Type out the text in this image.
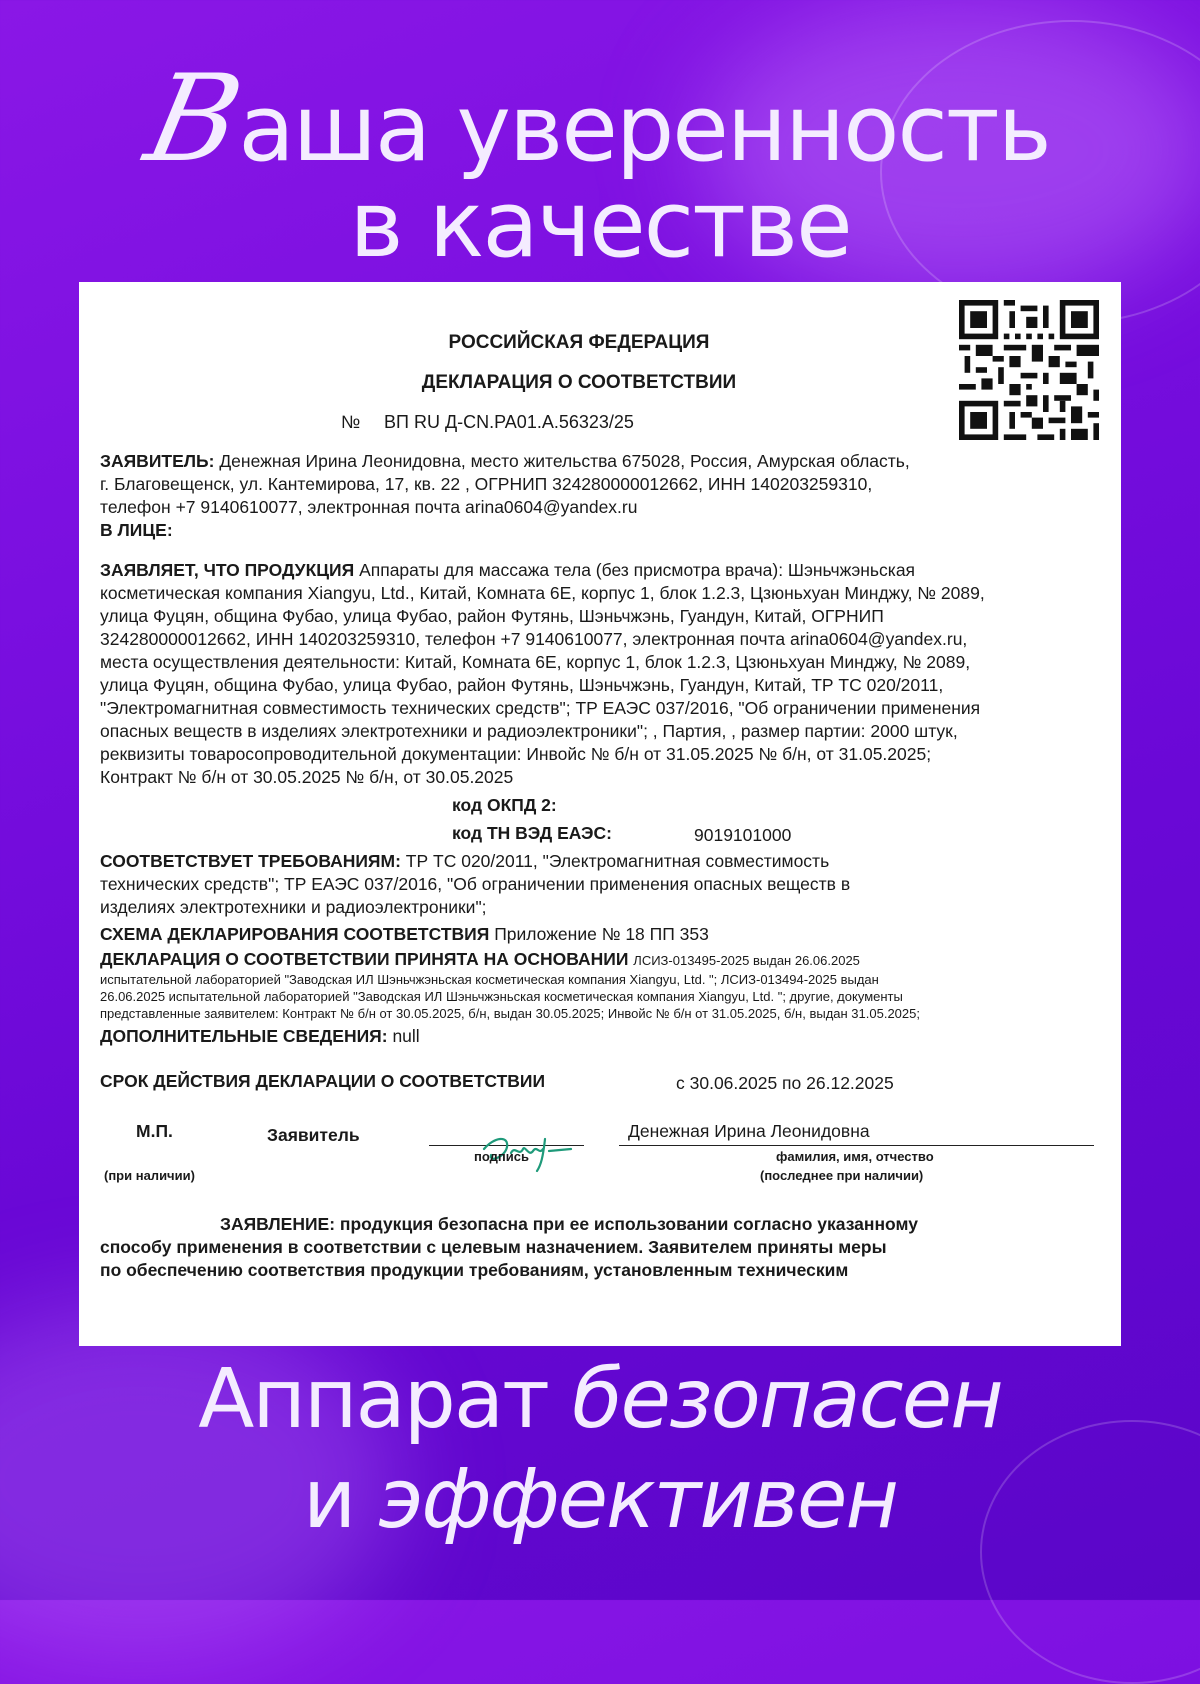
Bаша уверенность
в качестве
РОССИЙСКАЯ ФЕДЕРАЦИЯ
ДЕКЛАРАЦИЯ О СООТВЕТСТВИИ

№ ВП RU Д-CN.PA01.A.56323/25

ЗАЯВИТЕЛЬ: Денежная Ирина Леонидовна, место жительства 675028, Россия, Амурская область,

г. Благовещенск, ул. Кантемирова, 17, кв. 22 , ОГРНИП 324280000012662, ИНН 140203259310,

телефон +7 9140610077, электронная почта arina0604@yandex.ru

В ЛИЦЕ:

ЗАЯВЛЯЕТ, ЧТО ПРОДУКЦИЯ Аппараты для массажа тела (без присмотра врача): Шэньчжэньская

косметическая компания Xiangyu, Ltd., Китай, Комната 6E, корпус 1, блок 1.2.3, Цзюньхуан Минджу, № 2089,

улица Фуцян, община Фубао, улица Фубао, район Футянь, Шэньчжэнь, Гуандун, Китай, ОГРНИП

324280000012662, ИНН 140203259310, телефон +7 9140610077, электронная почта arina0604@yandex.ru,

места осуществления деятельности: Китай, Комната 6E, корпус 1, блок 1.2.3, Цзюньхуан Минджу, № 2089,

улица Фуцян, община Фубао, улица Фубао, район Футянь, Шэньчжэнь, Гуандун, Китай, ТР ТС 020/2011,

"Электромагнитная совместимость технических средств"; ТР ЕАЭС 037/2016, "Об ограничении применения

опасных веществ в изделиях электротехники и радиоэлектроники"; , Партия, , размер партии: 2000 штук,

реквизиты товаросопроводительной документации: Инвойс № б/н от 31.05.2025 № б/н, от 31.05.2025;

Контракт № б/н от 30.05.2025 № б/н, от 30.05.2025

код ОКПД 2:

код ТН ВЭД ЕАЭС:	9019101000

СООТВЕТСТВУЕТ ТРЕБОВАНИЯМ: ТР ТС 020/2011, "Электромагнитная совместимость

технических средств"; ТР ЕАЭС 037/2016, "Об ограничении применения опасных веществ в

изделиях электротехники и радиоэлектроники";

СХЕМА ДЕКЛАРИРОВАНИЯ СООТВЕТСТВИЯ Приложение № 18 ПП 353

ДЕКЛАРАЦИЯ О СООТВЕТСТВИИ ПРИНЯТА НА ОСНОВАНИИ ЛСИЗ-013495-2025 выдан 26.06.2025

испытательной лабораторией "Заводская ИЛ Шэньчжэньская косметическая компания Xiangyu, Ltd. "; ЛСИЗ-013494-2025 выдан

26.06.2025 испытательной лабораторией "Заводская ИЛ Шэньчжэньская косметическая компания Xiangyu, Ltd. "; другие, документы

представленные заявителем: Контракт № б/н от 30.05.2025, б/н, выдан 30.05.2025; Инвойс № б/н от 31.05.2025, б/н, выдан 31.05.2025;

ДОПОЛНИТЕЛЬНЫЕ СВЕДЕНИЯ: null

СРОК ДЕЙСТВИЯ ДЕКЛАРАЦИИ О СООТВЕТСТВИИ	с 30.06.2025 по 26.12.2025

М.П.	Заявитель

подпись

Денежная Ирина Леонидовна

фамилия, имя, отчество

(при наличии)	(последнее при наличии)

ЗАЯВЛЕНИЕ: продукция безопасна при ее использовании согласно указанному

способу применения в соответствии с целевым назначением. Заявителем приняты меры

по обеспечению соответствия продукции требованиям, установленным техническим

Аппарат безопасен
и эффективен
